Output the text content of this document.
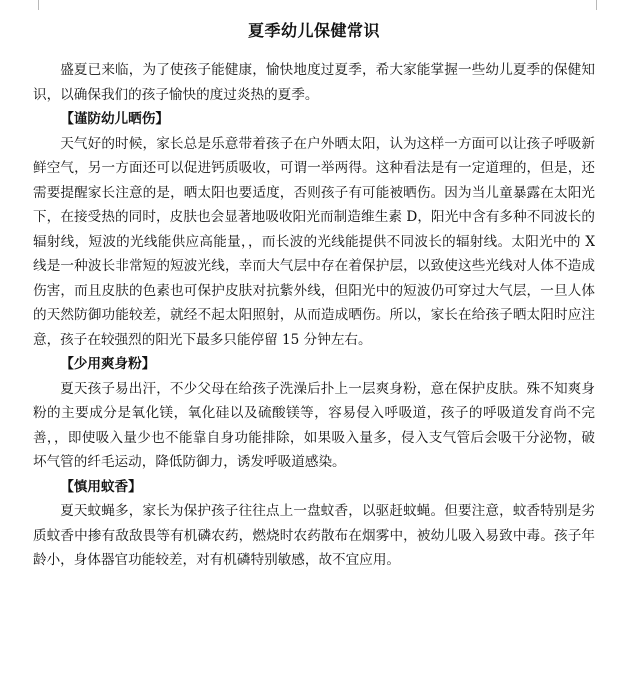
夏季幼儿保健常识

盛夏已来临，为了使孩子能健康，愉快地度过夏季，希大家能掌握一些幼儿夏季的保健知识，以确保我们的孩子愉快的度过炎热的夏季。

【谨防幼儿晒伤】

天气好的时候，家长总是乐意带着孩子在户外晒太阳，认为这样一方面可以让孩子呼吸新鲜空气，另一方面还可以促进钙质吸收，可谓一举两得。这种看法是有一定道理的，但是，还需要提醒家长注意的是，晒太阳也要适度，否则孩子有可能被晒伤。因为当儿童暴露在太阳光下，在接受热的同时，皮肤也会显著地吸收阳光而制造维生素 D，阳光中含有多种不同波长的辐射线，短波的光线能供应高能量，，而长波的光线能提供不同波长的辐射线。太阳光中的 X 线是一种波长非常短的短波光线，幸而大气层中存在着保护层，以致使这些光线对人体不造成伤害，而且皮肤的色素也可保护皮肤对抗紫外线，但阳光中的短波仍可穿过大气层，一旦人体的天然防御功能较差，就经不起太阳照射，从而造成晒伤。所以，家长在给孩子晒太阳时应注意，孩子在较强烈的阳光下最多只能停留 15 分钟左右。

【少用爽身粉】

夏天孩子易出汗，不少父母在给孩子洗澡后扑上一层爽身粉，意在保护皮肤。殊不知爽身粉的主要成分是氧化镁，氧化硅以及硫酸镁等，容易侵入呼吸道，孩子的呼吸道发育尚不完善，，即使吸入量少也不能靠自身功能排除，如果吸入量多，侵入支气管后会吸干分泌物，破坏气管的纤毛运动，降低防御力，诱发呼吸道感染。

【慎用蚊香】

夏天蚊蝇多，家长为保护孩子往往点上一盘蚊香，以驱赶蚊蝇。但要注意，蚊香特别是劣质蚊香中掺有敌敌畏等有机磷农药，燃烧时农药散布在烟雾中，被幼儿吸入易致中毒。孩子年龄小，身体器官功能较差，对有机磷特别敏感，故不宜应用。
